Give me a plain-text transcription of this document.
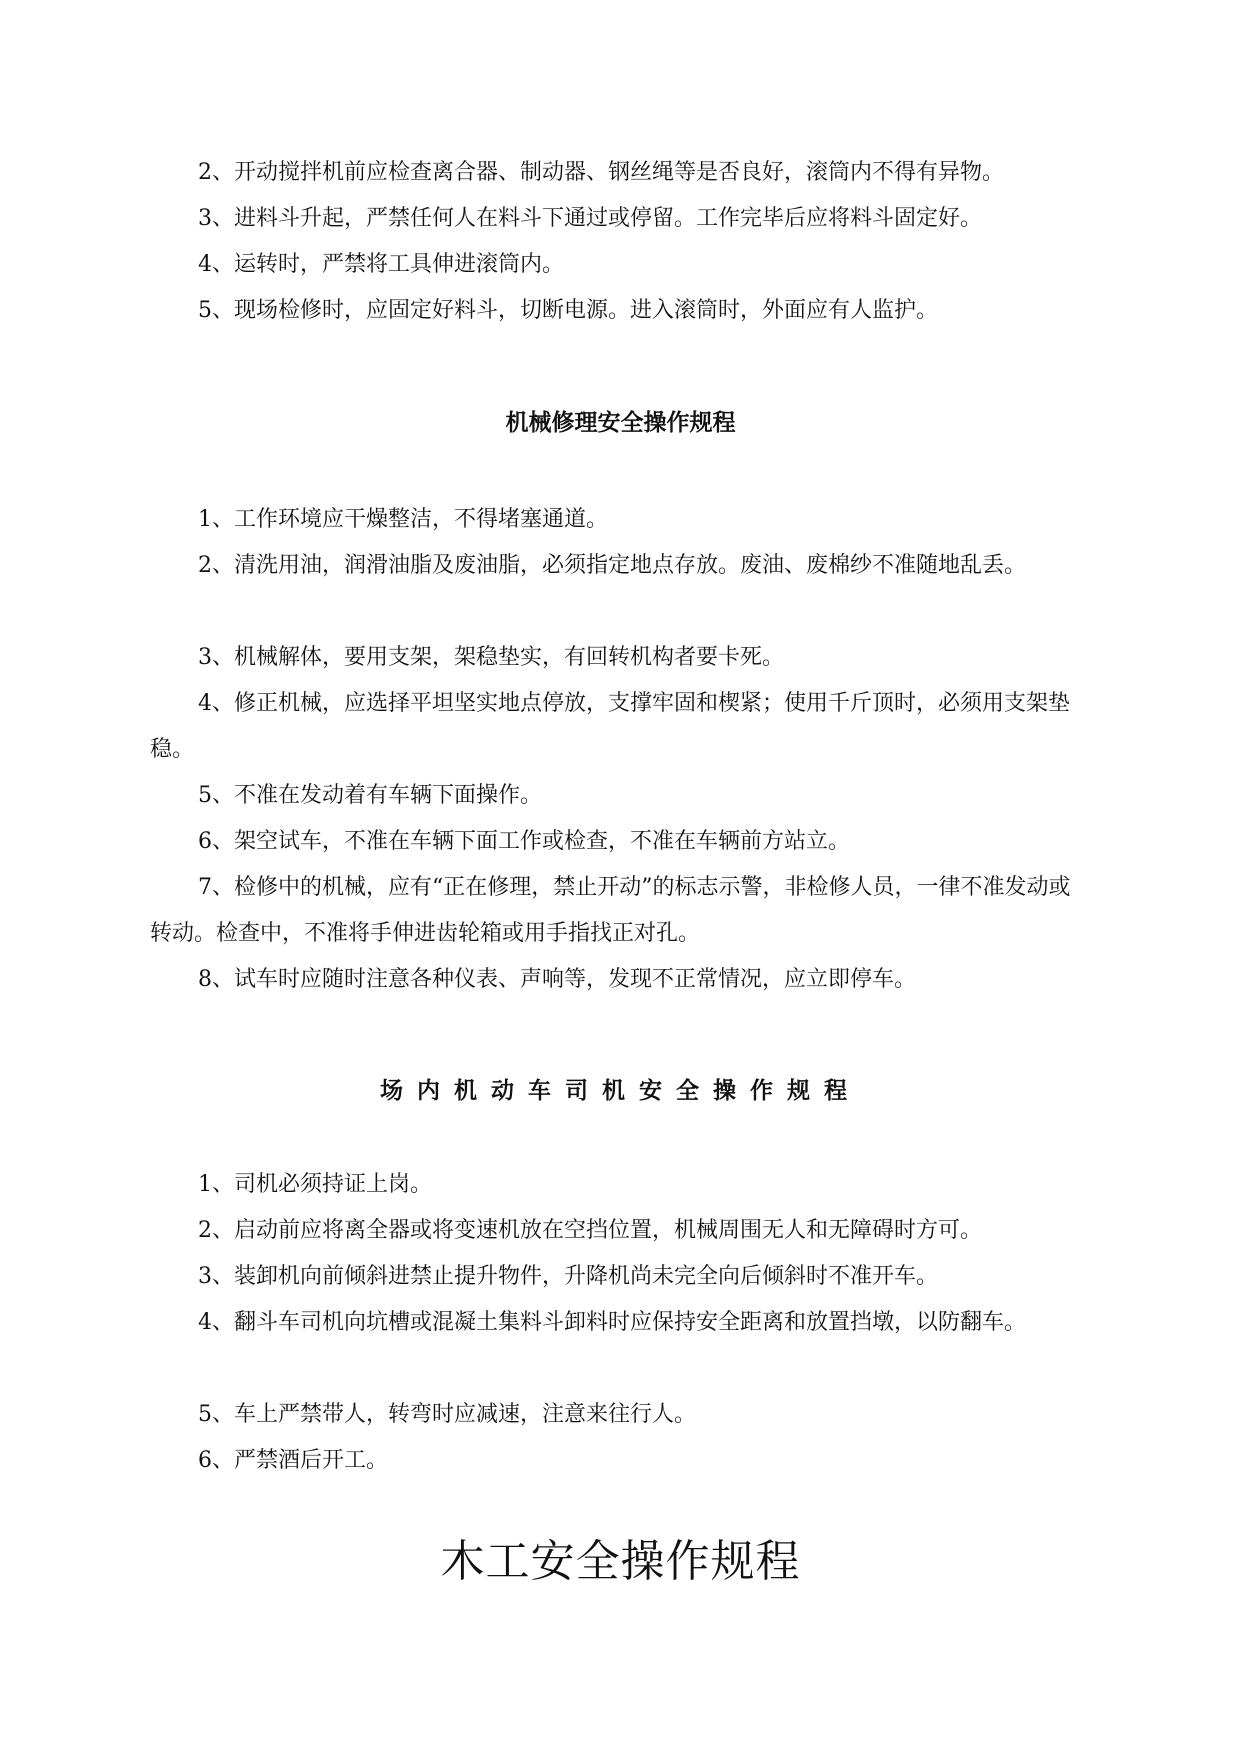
2、开动搅拌机前应检查离合器、制动器、钢丝绳等是否良好，滚筒内不得有异物。

3、进料斗升起，严禁任何人在料斗下通过或停留。工作完毕后应将料斗固定好。

4、运转时，严禁将工具伸进滚筒内。

5、现场检修时，应固定好料斗，切断电源。进入滚筒时，外面应有人监护。

机械修理安全操作规程

1、工作环境应干燥整洁，不得堵塞通道。

2、清洗用油，润滑油脂及废油脂，必须指定地点存放。废油、废棉纱不准随地乱丢。

3、机械解体，要用支架，架稳垫实，有回转机构者要卡死。

4、修正机械，应选择平坦坚实地点停放，支撑牢固和楔紧；使用千斤顶时，必须用支架垫稳。

5、不准在发动着有车辆下面操作。

6、架空试车，不准在车辆下面工作或检查，不准在车辆前方站立。

7、检修中的机械，应有“正在修理，禁止开动”的标志示警，非检修人员，一律不准发动或转动。检查中，不准将手伸进齿轮箱或用手指找正对孔。

8、试车时应随时注意各种仪表、声响等，发现不正常情况，应立即停车。

场内机动车司机安全操作规程

1、司机必须持证上岗。

2、启动前应将离全器或将变速机放在空挡位置，机械周围无人和无障碍时方可。

3、装卸机向前倾斜进禁止提升物件，升降机尚未完全向后倾斜时不准开车。

4、翻斗车司机向坑槽或混凝土集料斗卸料时应保持安全距离和放置挡墩，以防翻车。

5、车上严禁带人，转弯时应减速，注意来往行人。

6、严禁酒后开工。

木工安全操作规程
